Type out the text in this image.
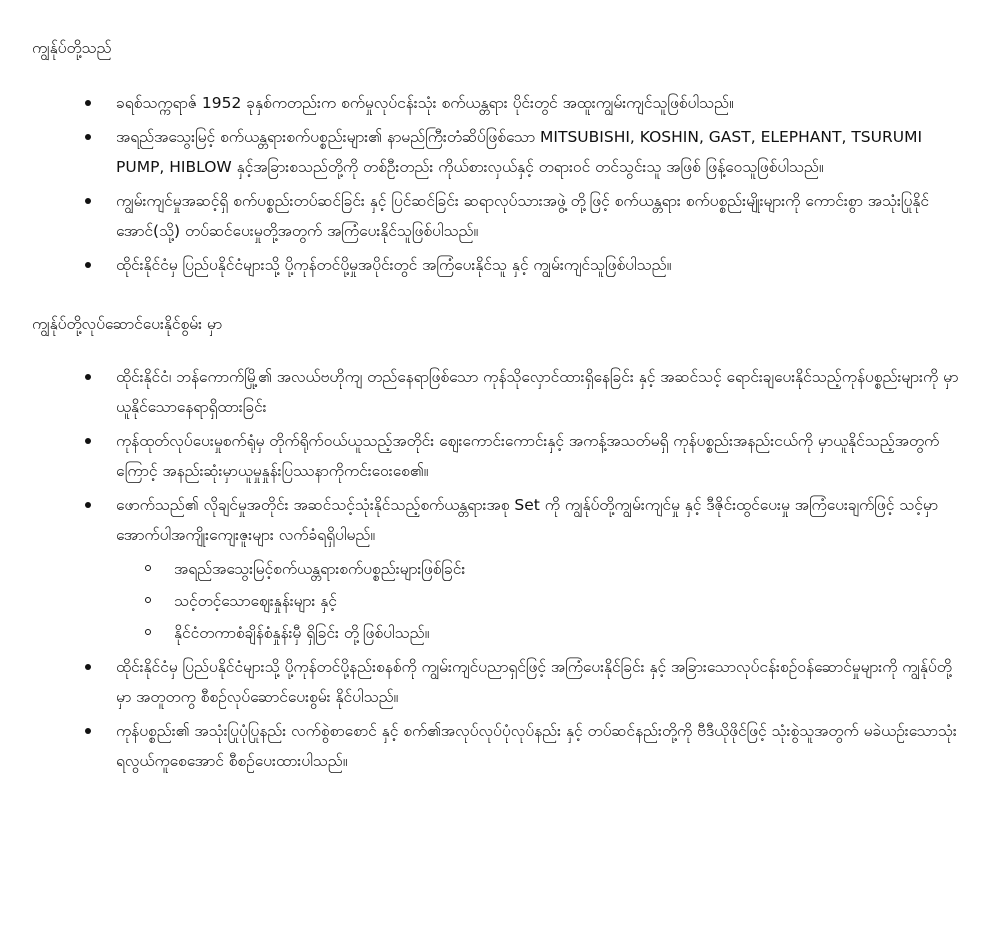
ကျွန်ုပ်တို့သည်

ခရစ်သက္ကရာဇ် 1952 ခုနှစ်ကတည်းက စက်မှုလုပ်ငန်းသုံး စက်ယန္တရား ပိုင်းတွင် အထူးကျွမ်းကျင်သူဖြစ်ပါသည်။
အရည်အသွေးမြင့် စက်ယန္တရားစက်ပစ္စည်းများ၏ နာမည်ကြီးတံဆိပ်ဖြစ်သော MITSUBISHI, KOSHIN, GAST, ELEPHANT, TSURUMI PUMP, HIBLOW နှင့်အခြားစသည်တို့ကို တစ်ဦးတည်း ကိုယ်စားလှယ်နှင့် တရားဝင် တင်သွင်းသူ အဖြစ် ဖြန့်ဝေသူဖြစ်ပါသည်။
ကျွမ်းကျင်မှုအဆင့်ရှိ စက်ပစ္စည်းတပ်ဆင်ခြင်း နှင့် ပြင်ဆင်ခြင်း ဆရာလုပ်သားအဖွဲ့ တို့ဖြင့် စက်ယန္တရား စက်ပစ္စည်းမျိုးများကို ကောင်းစွာ အသုံးပြုနိုင်အောင်(သို့) တပ်ဆင်ပေးမှုတို့အတွက် အကြံပေးနိုင်သူဖြစ်ပါသည်။
ထိုင်းနိုင်ငံမှ ပြည်ပနိုင်ငံများသို့ ပို့ကုန်တင်ပို့မှုအပိုင်းတွင် အကြံပေးနိုင်သူ နှင့် ကျွမ်းကျင်သူဖြစ်ပါသည်။

ကျွန်ုပ်တို့လုပ်ဆောင်ပေးနိုင်စွမ်း မှာ

ထိုင်းနိုင်ငံ၊ ဘန်ကောက်မြို့၏ အလယ်ဗဟိုကျ တည်နေရာဖြစ်သော ကုန်သိုလှောင်ထားရှိနေခြင်း နှင့် အဆင်သင့် ရောင်းချပေးနိုင်သည့်ကုန်ပစ္စည်းများကို မှာယူနိုင်သောနေရာရှိထားခြင်း
ကုန်ထုတ်လုပ်ပေးမှုစက်ရုံမှ တိုက်ရိုက်ဝယ်ယူသည့်အတိုင်း ဈေးကောင်းကောင်းနှင့် အကန့်အသတ်မရှိ ကုန်ပစ္စည်းအနည်းငယ်ကို မှာယူနိုင်သည့်အတွက်ကြောင့် အနည်းဆုံးမှာယူမှုနှုန်းပြဿနာကိုကင်းဝေးစေ၏။
ဖောက်သည်၏ လိုချင်မှုအတိုင်း အဆင်သင့်သုံးနိုင်သည့်စက်ယန္တရားအစု Set ကို ကျွန်ုပ်တို့ကျွမ်းကျင်မှု နှင့် ဒီဇိုင်းထွင်ပေးမှု အကြံပေးချက်ဖြင့် သင့်မှာအောက်ပါအကျိုးကျေးဇူးများ လက်ခံရရှိပါမည်။
အရည်အသွေးမြင့်စက်ယန္တရားစက်ပစ္စည်းများဖြစ်ခြင်း
သင့်တင့်သောဈေးနှုန်းများ နှင့်
နိုင်ငံတကာစံချိန်စံနှုန်းမှီ ရှိခြင်း တို့ဖြစ်ပါသည်။
ထိုင်းနိုင်ငံမှ ပြည်ပနိုင်ငံများသို့ ပို့ကုန်တင်ပို့နည်းစနစ်ကို ကျွမ်းကျင်ပညာရှင်ဖြင့် အကြံပေးနိုင်ခြင်း နှင့် အခြားသောလုပ်ငန်းစဉ်ဝန်ဆောင်မှုများကို ကျွန်ုပ်တို့မှာ အတူတကွ စီစဉ်လုပ်ဆောင်ပေးစွမ်း နိုင်ပါသည်။
ကုန်ပစ္စည်း၏ အသုံးပြုပုံပြုနည်း လက်စွဲစာစောင် နှင့် စက်၏အလုပ်လုပ်ပုံလုပ်နည်း နှင့် တပ်ဆင်နည်းတို့ကို ဗီဒီယိုဖိုင်ဖြင့် သုံးစွဲသူအတွက် မခဲယဉ်းသောသုံးရလွယ်ကူစေအောင် စီစဉ်ပေးထားပါသည်။
